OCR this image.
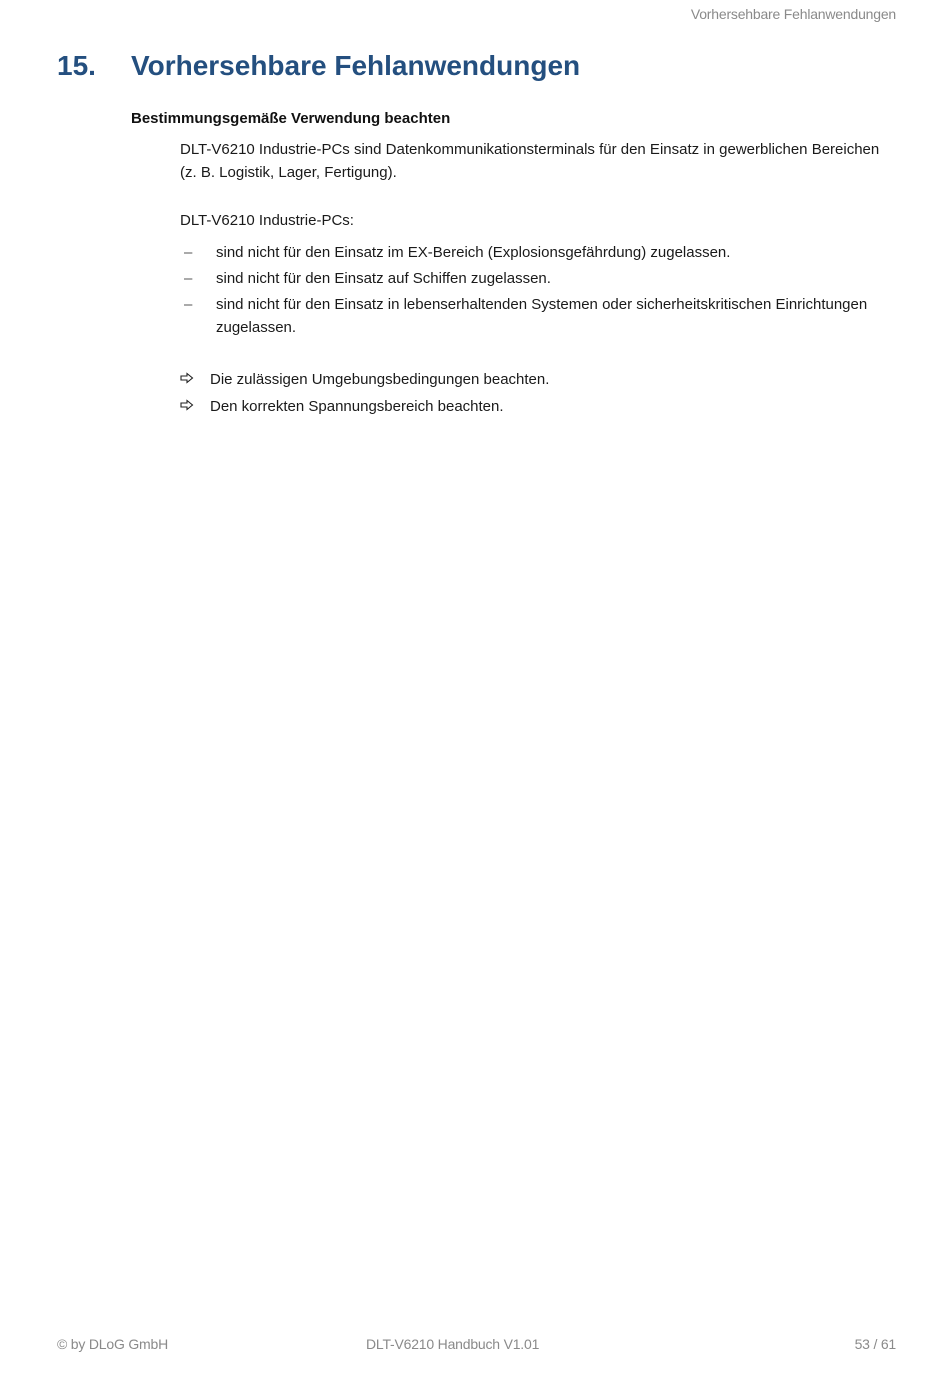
Vorhersehbare Fehlanwendungen
15. Vorhersehbare Fehlanwendungen
Bestimmungsgemäße Verwendung beachten

DLT-V6210 Industrie-PCs sind Datenkommunikationsterminals für den Einsatz in gewerblichen Bereichen (z. B. Logistik, Lager, Fertigung).

DLT-V6210 Industrie-PCs:

– sind nicht für den Einsatz im EX-Bereich (Explosionsgefährdung) zugelassen.
– sind nicht für den Einsatz auf Schiffen zugelassen.
– sind nicht für den Einsatz in lebenserhaltenden Systemen oder sicherheitskritischen Einrichtungen zugelassen.
Die zulässigen Umgebungsbedingungen beachten.
Den korrekten Spannungsbereich beachten.
© by DLoG GmbH	DLT-V6210 Handbuch V1.01	53 / 61
